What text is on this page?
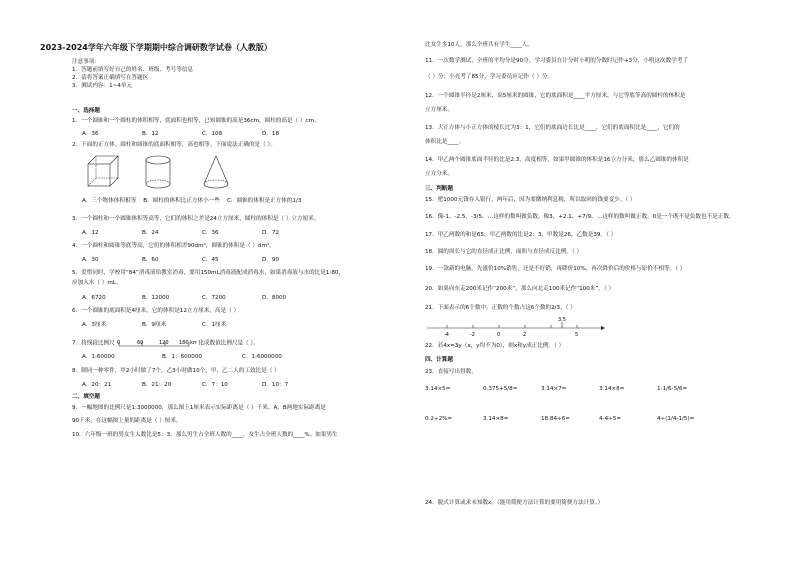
2023-2024学年六年级下学期期中综合调研数学试卷（人教版）
注意事项：
1．答题前填写好自己的姓名、班级、考号等信息
2．请将答案正确填写在答题区
3．测试内容：1~4单元
一、选择题
1．一个圆锥和一个圆柱的体积相等，底面积也相等，已知圆锥的高是36cm，圆柱的高是（ ）cm。
A．36	B．12	C．108	D．18
2．下面的正方体、圆柱和圆锥的底面积相等，高也相等。下面说法正确的是（ ）。
A．三个物体体积相等 B．圆柱的体积比正方体小一些 C．圆锥的体积是正方体的1/3
3．一个圆柱和一个圆锥体积等高等，它们的体积之差是24立方厘米，圆柱的体积是（ ）立方厘米。
A．12	B．24	C．36	D．72
4．一个圆柱和圆锥等底等高，它们的体积相差90dm³，圆锥的体积是（ ）dm³。
A．30	B．60	C．45	D．90
5．爱惜同时，学校用“84”消毒液给教室消毒，要用150mL消毒液配成消毒水，如果消毒液与水的比是1:80，
应加入水（ ）mL。
A．6720	B．12000	C．7200	D．8000
6．一个圆锥的底面积是4厘米，它的体积是12立方厘米，高是（ ）
A．3厘米	B．9厘米	C．1厘米
7．将线段比例尺 0	60	120 180 km 化成数值比例尺是（ ）。
A．1:60000	B．1：600000	C．1:6000000
8．制同一种零件，甲2小时做了7个，乙3小时做10个，甲、乙二人的工效比是（ ）
A．20：21	B．21：20	C．7：10	D．10：7
二、填空题
9．一幅地图的比例尺是1:3000000，那么图上1厘米表示实际距离是（ ）千米。A，B两地实际距离是
90千米，在这幅图上量的距离是（ ）厘米。
10．六年级一班的男女生人数比是5：3，那么男生占全班人数的____，女生占全班人数的____%。如果男生
比女生多10人，那么全班共有学生____人。
11．一次数学测试，全班的平均分是90分，学习委员在计分时小明的分数时记作+3分，小明这次数学考了
（ ）分；小亮考了85分，学习委员应记作（ ）分。
12．一个圆锥半径是2厘米，高5厘米的圆锥，它的底面积是____平方厘米，与它等底等高的圆柱的体积是
立方厘米。
13．大正方体与小正方体的棱长比为3：1，它们的底面边长比是____，它们的底面积比是____，它们的
体积比是____。
14．甲乙两个圆锥底面半径的比是2:3，高度相等，如果甲圆锥的体积是16立方分米，那么乙圆锥的体积是
立方分米。
三、判断题
15．把1000元钱存入银行，两年后，因为要缴纳利息税，所以取回的钱要变少。（ ）
16．像-1、-2.5、-3/5、…这样的数叫做负数，像3、+2.1、+7/9、…这样的数叫做正数，0是一个既不是负数也不是正数。
17．甲乙两数的和是65，甲乙两数的比是2：3，甲数是26，乙数是39。（ ）
18．圆的周长与它的直径成正比例，面积与直径成反比例。（ ）
19．一款新的电脑，先涨价10%销售，还是不好销，再降价10%，再次降价后的价格与原价不相等。（ ）
20．如果向东走200米记作“200米”，那么向北走100米记作“100米”。（ ）
21．下面表示的6个数中，正数的个数占这6个数的2/3。（ ）
3.5
-4	-2	0	2	5
22．若4x=3y（x，y均不为0），则x和y成正比例。（ ）
四、计算题
23．直接写出得数。
3.14×5=	0.375+5/8=	3.14×7=	3.14×8=	1-1/6-5/6=
0.2÷2%=	3.14×8=	18.84÷6=	4-4÷5=	4÷(1/4-1/5)=
24．脱式计算或求未知数x。（能用简便方法计算的要用简便方法计算。）
